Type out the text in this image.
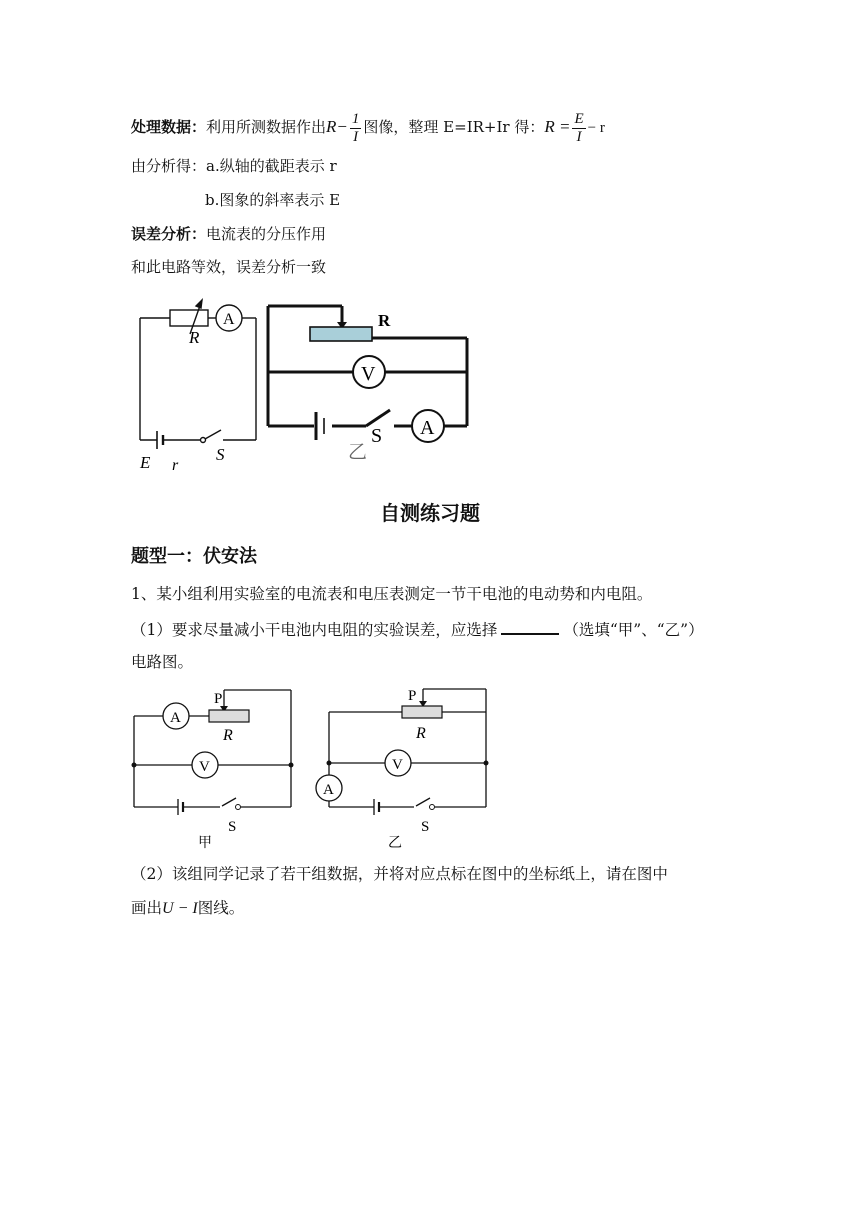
处理数据：利用所测数据作出$R- \frac{1}{I}$ 图像，整理 E=IR+Ir 得：$R = \frac{E}{I} - r$
由分析得：a.纵轴的截距表示 r
b.图象的斜率表示 E
误差分析：电流表的分压作用
和此电路等效，误差分析一致
R
A
E r
S
R
V
S A
乙
自测练习题
题型一：伏安法
1、某小组利用实验室的电流表和电压表测定一节干电池的电动势和内电阻。
（1）要求尽量减小干电池内电阻的实验误差，应选择	（选填“甲”、“乙”）
电路图。
A
P
R
V
S
甲
A
P
R
V
S
乙
（2）该组同学记录了若干组数据，并将对应点标在图中的坐标纸上，请在图中
画出U − I图线。
